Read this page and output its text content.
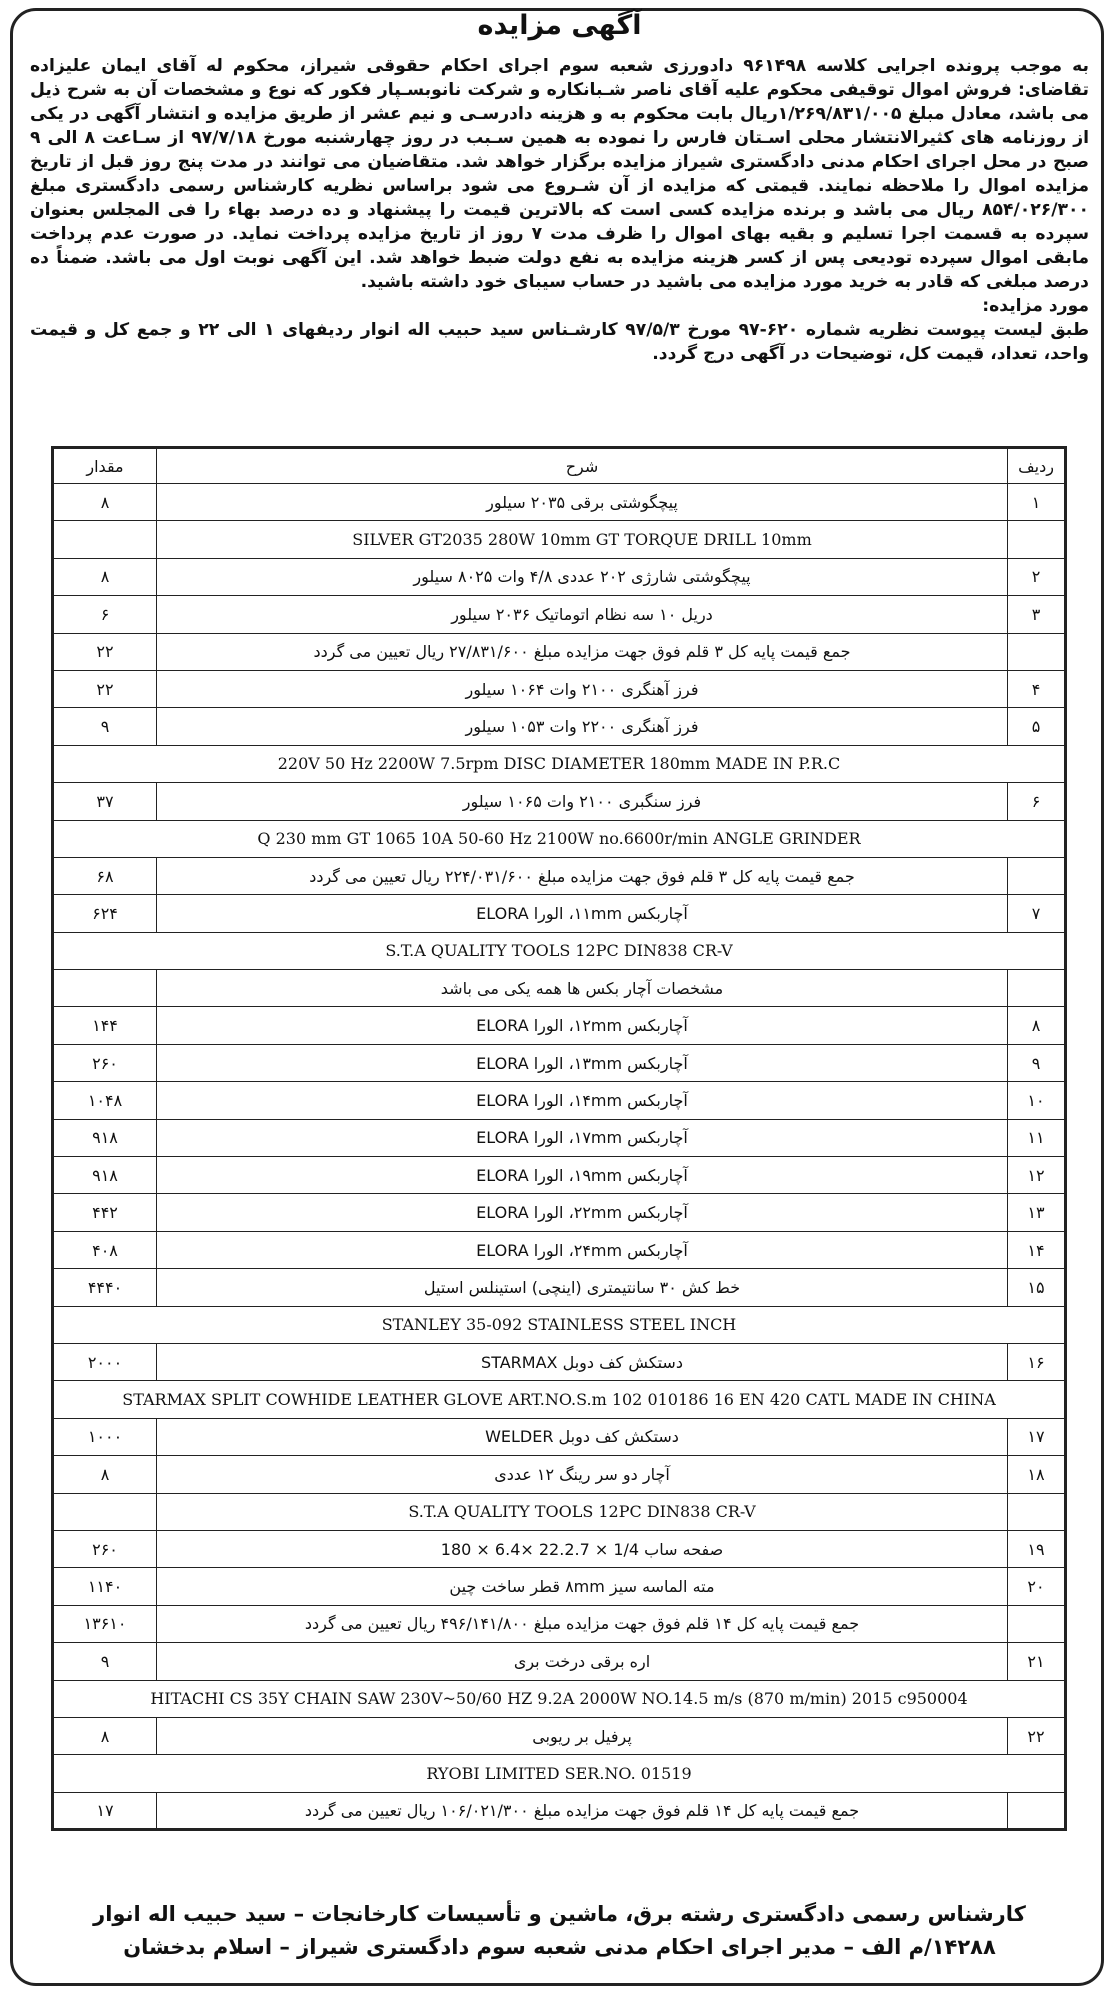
آگهی مزایده

به موجب پرونده اجرایی کلاسه ۹۶۱۴۹۸ دادورزی شعبه سوم اجرای احکام حقوقی شیراز، محکوم له آقای ایمان علیزاده تقاضای: فروش اموال توقیفی محکوم علیه آقای ناصر شـبانکاره و شرکت نانوبسـپار فکور که نوع و مشخصات آن به شرح ذیل می باشد، معادل مبلغ ۱/۲۶۹/۸۳۱/۰۰۵ریال بابت محکوم به و هزینه دادرسـی و نیم عشر از طریق مزایده و انتشار آگهی در یکی از روزنامه های کثیرالانتشار محلی اسـتان فارس را نموده به همین سـبب در روز چهارشنبه مورخ ۹۷/۷/۱۸ از سـاعت ۸ الی ۹ صبح در محل اجرای احکام مدنی دادگستری شیراز مزایده برگزار خواهد شد. متقاضیان می توانند در مدت پنج روز قبل از تاریخ مزایده اموال را ملاحظه نمایند. قیمتی که مزایده از آن شـروع می شود براساس نظریه کارشناس رسمی دادگستری مبلغ ۸۵۴/۰۲۶/۳۰۰ ریال می باشد و برنده مزایده کسی است که بالاترین قیمت را پیشنهاد و ده درصد بهاء را فی المجلس بعنوان سپرده به قسمت اجرا تسلیم و بقیه بهای اموال را ظرف مدت ۷ روز از تاریخ مزایده پرداخت نماید. در صورت عدم پرداخت مابقی اموال سپرده تودیعی پس از کسر هزینه مزایده به نفع دولت ضبط خواهد شد. این آگهی نوبت اول می باشد. ضمناً ده درصد مبلغی که قادر به خرید مورد مزایده می باشید در حساب سیبای خود داشته باشید.

مورد مزایده:

طبق لیست پیوست نظریه شماره ۶۲۰-۹۷ مورخ ۹۷/۵/۳ کارشـناس سید حبیب اله انوار ردیفهای ۱ الی ۲۲ و جمع کل و قیمت واحد، تعداد، قیمت کل، توضیحات در آگهی درج گردد.

ردیف	شرح	مقدار
۱	پیچگوشتی برقی ۲۰۳۵ سیلور	۸
	SILVER GT2035 280W 10mm GT TORQUE DRILL 10mm	
۲	پیچگوشتی شارژی ۲۰۲ عددی ۴/۸ وات ۸۰۲۵ سیلور	۸
۳	دریل ۱۰ سه نظام اتوماتیک ۲۰۳۶ سیلور	۶
	جمع قیمت پایه کل ۳ قلم فوق جهت مزایده مبلغ ۲۷/۸۳۱/۶۰۰ ریال تعیین می گردد	۲۲
۴	فرز آهنگری ۲۱۰۰ وات ۱۰۶۴ سیلور	۲۲
۵	فرز آهنگری ۲۲۰۰ وات ۱۰۵۳ سیلور	۹
220V 50 Hz 2200W 7.5rpm DISC DIAMETER 180mm MADE IN P.R.C		
۶	فرز سنگبری ۲۱۰۰ وات ۱۰۶۵ سیلور	۳۷
Q 230 mm GT 1065 10A 50-60 Hz 2100W no.6600r/min ANGLE GRINDER		
	جمع قیمت پایه کل ۳ قلم فوق جهت مزایده مبلغ ۲۲۴/۰۳۱/۶۰۰ ریال تعیین می گردد	۶۸
۷	آچاربکس ۱۱mm، الورا ELORA	۶۲۴
S.T.A QUALITY TOOLS 12PC DIN838 CR-V		
	مشخصات آچار بکس ها همه یکی می باشد	
۸	آچاربکس ۱۲mm، الورا ELORA	۱۴۴
۹	آچاربکس ۱۳mm، الورا ELORA	۲۶۰
۱۰	آچاربکس ۱۴mm، الورا ELORA	۱۰۴۸
۱۱	آچاربکس ۱۷mm، الورا ELORA	۹۱۸
۱۲	آچاربکس ۱۹mm، الورا ELORA	۹۱۸
۱۳	آچاربکس ۲۲mm، الورا ELORA	۴۴۲
۱۴	آچاربکس ۲۴mm، الورا ELORA	۴۰۸
۱۵	خط کش ۳۰ سانتیمتری (اینچی) استینلس استیل	۴۴۴۰
STANLEY 35-092 STAINLESS STEEL INCH		
۱۶	دستکش کف دوبل STARMAX	۲۰۰۰
STARMAX SPLIT COWHIDE LEATHER GLOVE ART.NO.S.m 102 010186 16 EN 420 CATL MADE IN CHINA		
۱۷	دستکش کف دوبل WELDER	۱۰۰۰
۱۸	آچار دو سر رینگ ۱۲ عددی	۸
	S.T.A QUALITY TOOLS 12PC DIN838 CR-V	
۱۹	صفحه ساب 1/4 × 22.2.7 ×6.4 × 180	۲۶۰
۲۰	مته الماسه سیز ۸mm قطر ساخت چین	۱۱۴۰
	جمع قیمت پایه کل ۱۴ قلم فوق جهت مزایده مبلغ ۴۹۶/۱۴۱/۸۰۰ ریال تعیین می گردد	۱۳۶۱۰
۲۱	اره برقی درخت بری	۹
HITACHI CS 35Y CHAIN SAW 230V~50/60 HZ 9.2A 2000W NO.14.5 m/s (870 m/min) 2015 c950004		
۲۲	پرفیل بر ریوبی	۸
RYOBI LIMITED SER.NO. 01519		
	جمع قیمت پایه کل ۱۴ قلم فوق جهت مزایده مبلغ ۱۰۶/۰۲۱/۳۰۰ ریال تعیین می گردد	۱۷
کارشناس رسمی دادگستری رشته برق، ماشین و تأسیسات کارخانجات – سید حبیب اله انوار
۱۴۲۸۸/م الف – مدیر اجرای احکام مدنی شعبه سوم دادگستری شیراز – اسلام بدخشان
